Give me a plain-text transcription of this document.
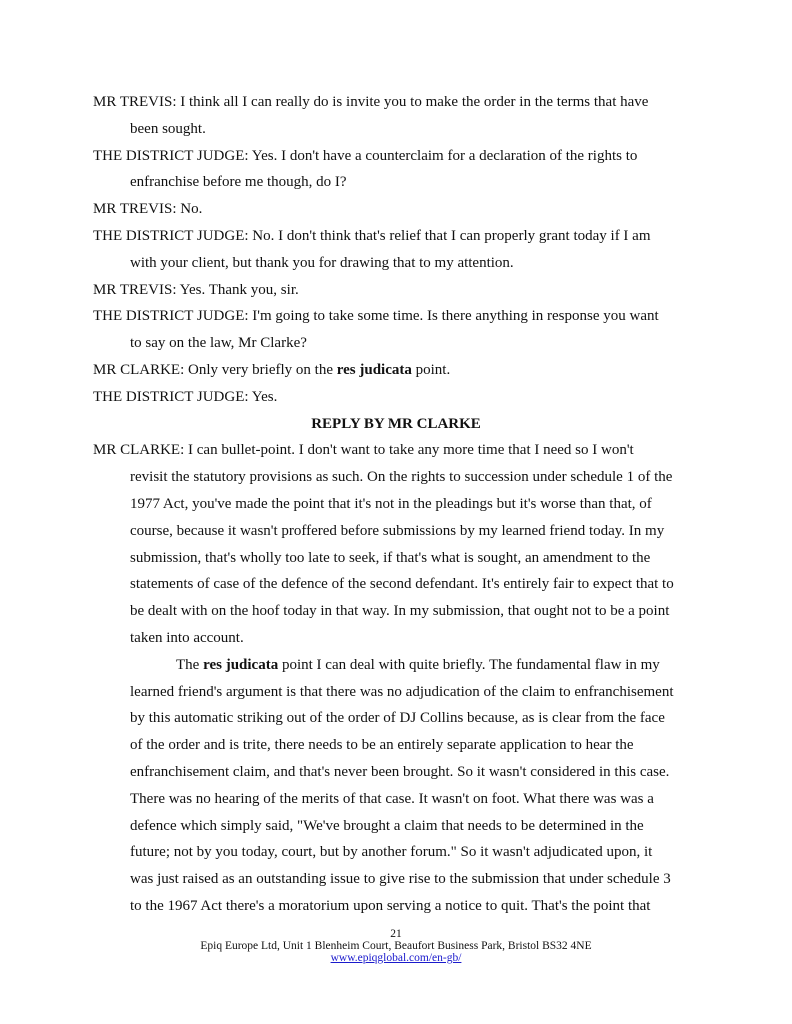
MR TREVIS: I think all I can really do is invite you to make the order in the terms that have
been sought.
THE DISTRICT JUDGE: Yes. I don't have a counterclaim for a declaration of the rights to
enfranchise before me though, do I?
MR TREVIS: No.
THE DISTRICT JUDGE: No. I don't think that's relief that I can properly grant today if I am
with your client, but thank you for drawing that to my attention.
MR TREVIS: Yes. Thank you, sir.
THE DISTRICT JUDGE: I'm going to take some time. Is there anything in response you want
to say on the law, Mr Clarke?
MR CLARKE: Only very briefly on the res judicata point.
THE DISTRICT JUDGE: Yes.
REPLY BY MR CLARKE
MR CLARKE: I can bullet-point. I don't want to take any more time that I need so I won't
revisit the statutory provisions as such. On the rights to succession under schedule 1 of the
1977 Act, you've made the point that it's not in the pleadings but it's worse than that, of
course, because it wasn't proffered before submissions by my learned friend today. In my
submission, that's wholly too late to seek, if that's what is sought, an amendment to the
statements of case of the defence of the second defendant. It's entirely fair to expect that to
be dealt with on the hoof today in that way. In my submission, that ought not to be a point
taken into account.
The res judicata point I can deal with quite briefly. The fundamental flaw in my
learned friend's argument is that there was no adjudication of the claim to enfranchisement
by this automatic striking out of the order of DJ Collins because, as is clear from the face
of the order and is trite, there needs to be an entirely separate application to hear the
enfranchisement claim, and that's never been brought. So it wasn't considered in this case.
There was no hearing of the merits of that case. It wasn't on foot. What there was was a
defence which simply said, "We've brought a claim that needs to be determined in the
future; not by you today, court, but by another forum." So it wasn't adjudicated upon, it
was just raised as an outstanding issue to give rise to the submission that under schedule 3
to the 1967 Act there's a moratorium upon serving a notice to quit. That's the point that
21
Epiq Europe Ltd, Unit 1 Blenheim Court, Beaufort Business Park, Bristol BS32 4NE
www.epiqglobal.com/en-gb/
